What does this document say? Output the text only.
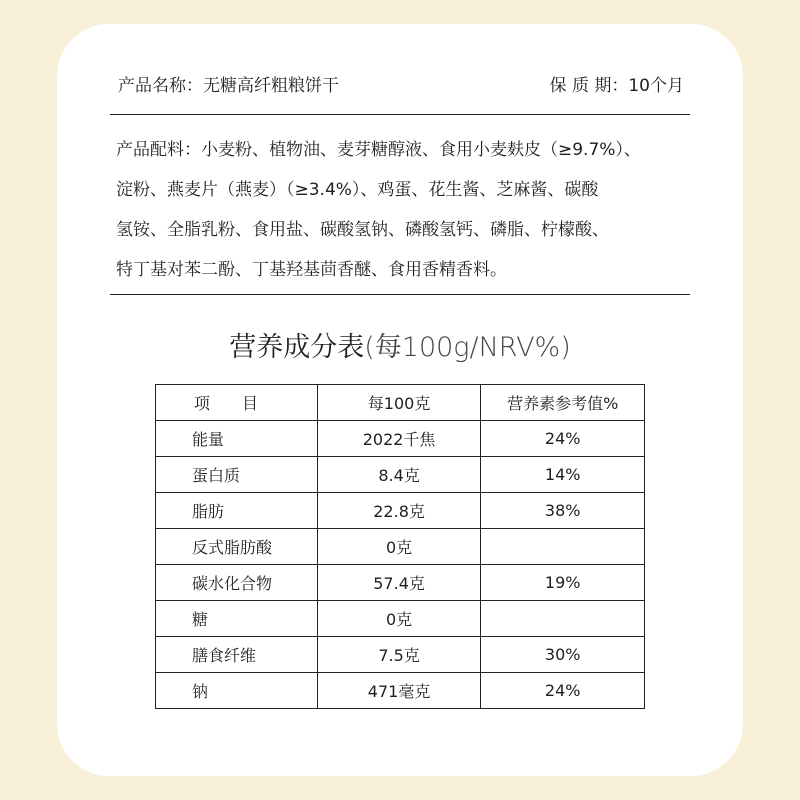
产品名称：无糖高纤粗粮饼干	保 质 期：10个月
产品配料：小麦粉、植物油、麦芽糖醇液、食用小麦麸皮（≥9.7%）、
淀粉、燕麦片（燕麦）（≥3.4%）、鸡蛋、花生酱、芝麻酱、碳酸
氢铵、全脂乳粉、食用盐、碳酸氢钠、磷酸氢钙、磷脂、柠檬酸、
特丁基对苯二酚、丁基羟基茴香醚、食用香精香料。
营养成分表(每100g/NRV%)
项　　目	每100克	营养素参考值%
能量	2022千焦	24%
蛋白质	8.4克	14%
脂肪	22.8克	38%
反式脂肪酸	0克	
碳水化合物	57.4克	19%
糖	0克	
膳食纤维	7.5克	30%
钠	471毫克	24%
